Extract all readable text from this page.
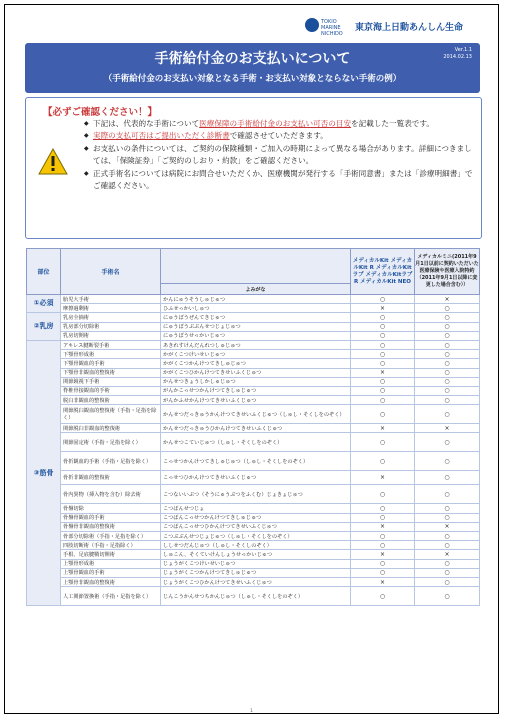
TOKIO MARINE NICHIDO
東京海上日動あんしん生命
Ver.1.1
2014.02.13
手術給付金のお支払いについて
（手術給付金のお支払い対象となる手術・お支払い対象とならない手術の例）
【必ずご確認ください！】
◆ 下記は、代表的な手術について医療保障の手術給付金のお支払い可否の目安を記載した一覧表です。
◆ 実際の支払可否はご提出いただく診断書で確認させていただきます。
◆ お支払いの条件については、ご契約の保険種類・ご加入の時期によって異なる場合があります。詳細につきましては、「保険証券」「ご契約のしおり・約款」をご確認ください。
◆ 正式手術名については病院にお問合せいただくか、医療機関が発行する「手術同意書」または「診療明細書」でご確認ください。
部位	手術名		メディカルKit メディカルKit R メディカルKitラブ メディカルKitラブR メディカルKit NEO	メディカルミニ(2011年9月1日以前に契約いただいた医療保険や医療入院特約（2011年9月1日以降に変更した場合含む））

		よみがな		
①必須	胎児大手術	かんにゅうそうしゅじゅつ	○	×
	摩擦過剰術	ひふせっかいしゅつ	×	○
②乳房	乳房全摘術	にゅうぼうぜんてきじゅつ	○	○
	乳房部分切除術	にゅうぼうぶぶんせつじょじゅつ	○	○
	乳房切開術	にゅうぼうせっかいじゅつ	○	○
③筋骨	アキレス腱断裂手術	あきれすけんだんれつしゅじゅつ	○	○
	下顎骨形成術	かがくこつけいせいじゅつ	○	○
	下顎骨観血的手術	かがくこつかんけつてきしゅじゅつ	○	○
	下顎骨非観血的整復術	かがくこつひかんけつてきせいふくじゅつ	×	○
	関節鏡視下手術	かんせつきょうしかしゅじゅつ	○	○
	脊椎骨接観血的手術	がんかこっせつかんけつてきしゅじゅつ	○	○
	脱臼非観血的整復術	がんかふせかんけつてきせいふくじゅつ	○	○
	関節脱臼観血的整復術（手指・足指を除く）	かんせつだっきゅうかんけつてきせいふくじゅつ（しゅし・そくしをのぞく）	○	○
	関節脱臼非観血的整復術	かんせつだっきゅうひかんけつてきせいふくじゅつ	×	×
	関節固定術（手指・足指を除く）	かんせつこていじゅつ（しゅし・そくしをのぞく）	○	○
	骨折観血的手術（手指・足指を除く）	こっせつかんけつてきしゅじゅつ（しゅし・そくしをのぞく）	○	○
	骨折非観血的整復術	こっせつひかんけつてきせいふくじゅつ	×	○
	骨内異物（挿入物を含む）除去術	こつないいぶつ（そうにゅうぶつをふくむ）じょきょじゅつ	○	○
	骨盤切除	こつばんせつじょ	○	○
	骨盤骨観血的手術	こつばんこっせつかんけつてきしゅじゅつ	○	○
	骨盤骨非観血的整復術	こつばんこっせつひかんけつてきせいふくじゅつ	×	×
	骨部分切除術（手指・足指を除く）	こつぶぶんせつじょじゅつ（しゅし・そくしをのぞく）	○	○
	四肢切断術（手指・足指除く）	ししせつだんじゅつ（しゅし・そくしのぞく）	○	○
	手根、足底腱鞘切開術	しゅこん、そくていけんしょうせっかいじゅつ	×	×
	上顎骨形成術	じょうがくこつけいせいじゅつ	○	○
	上顎骨観血的手術	じょうがくこつかんけつてきしゅじゅつ	○	○
	上顎骨非観血的整復術	じょうがくこつひかんけつてきせいふくじゅつ	×	○
	人工関節置換術（手指・足指を除く）	じんこうかんせつちかんじゅつ（しゅし・そくしをのぞく）	○	○
1
